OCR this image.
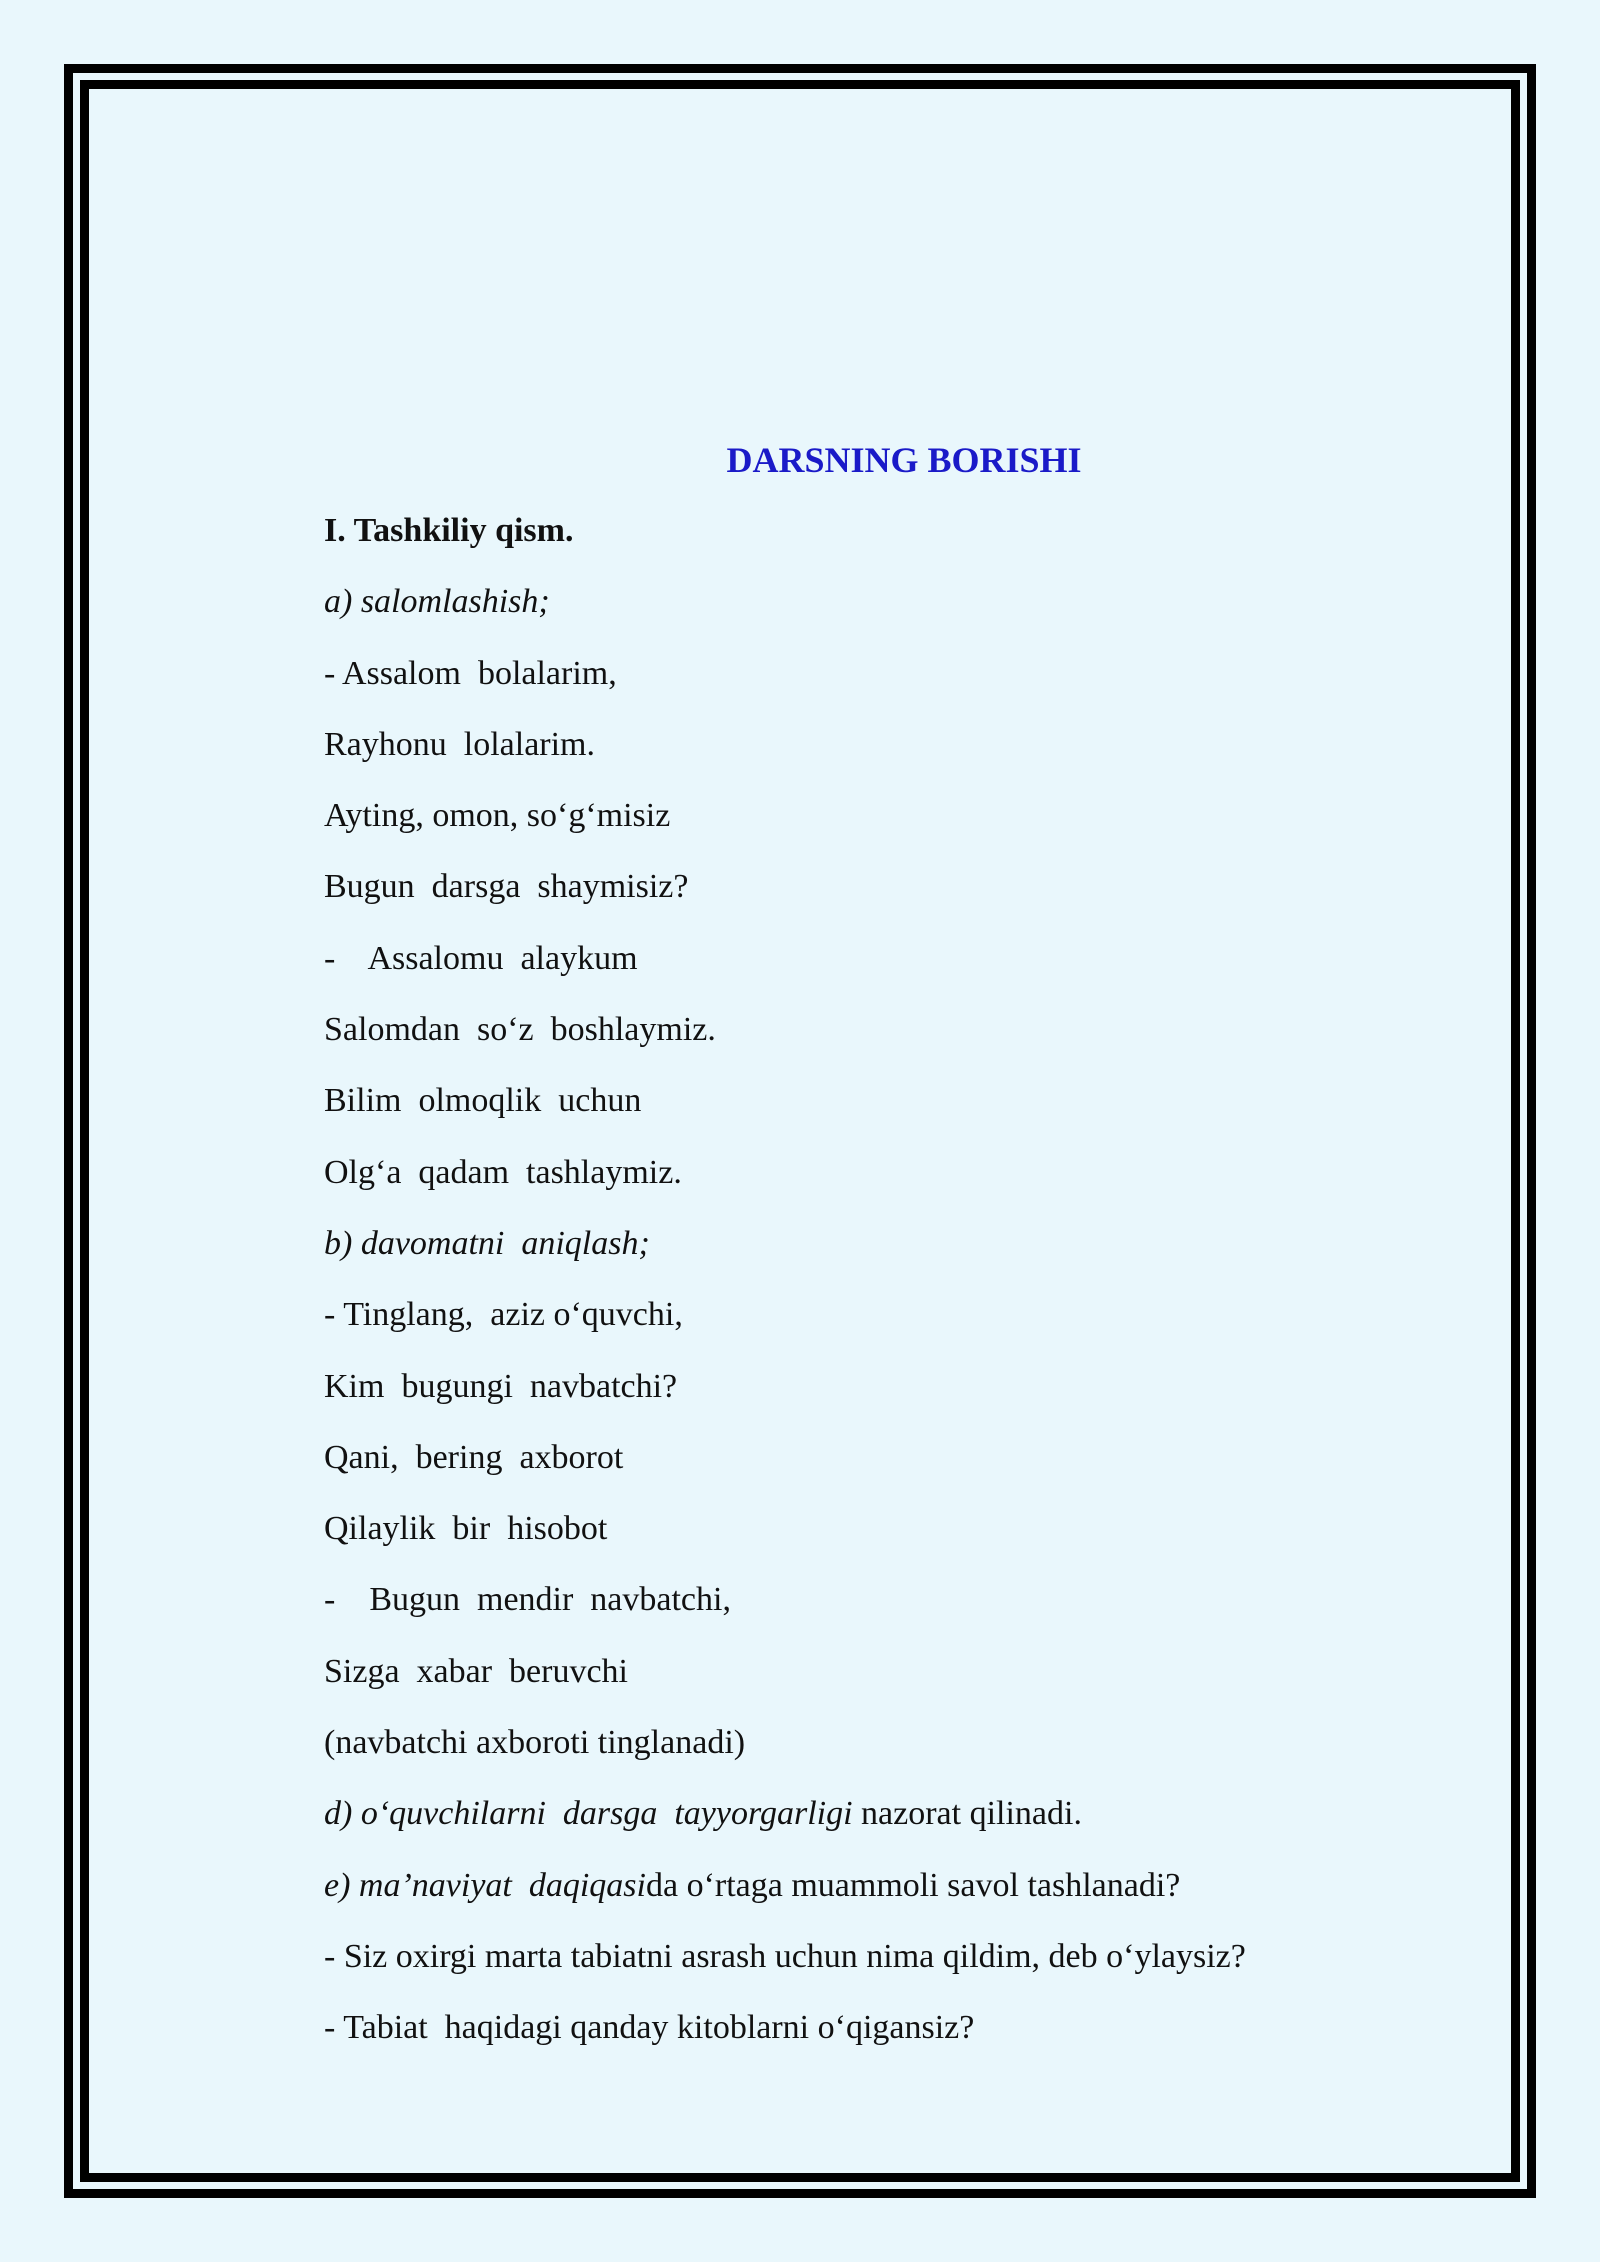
DARSNING BORISHI
I. Tashkiliy qism.
a) salomlashish;
- Assalom  bolalarim,
Rayhonu  lolalarim.
Ayting, omon, so‘g‘misiz
Bugun  darsga  shaymisiz?
-    Assalomu  alaykum
Salomdan  so‘z  boshlaymiz.
Bilim  olmoqlik  uchun
Olg‘a  qadam  tashlaymiz.
b) davomatni  aniqlash;
- Tinglang,  aziz o‘quvchi,
Kim  bugungi  navbatchi?
Qani,  bering  axborot
Qilaylik  bir  hisobot
-    Bugun  mendir  navbatchi,
Sizga  xabar  beruvchi
(navbatchi axboroti tinglanadi)
d) o‘quvchilarni  darsga  tayyorgarligi nazorat qilinadi.
e) ma’naviyat  daqiqasida o‘rtaga muammoli savol tashlanadi?
- Siz oxirgi marta tabiatni asrash uchun nima qildim, deb o‘ylaysiz?
- Tabiat  haqidagi qanday kitoblarni o‘qigansiz?
